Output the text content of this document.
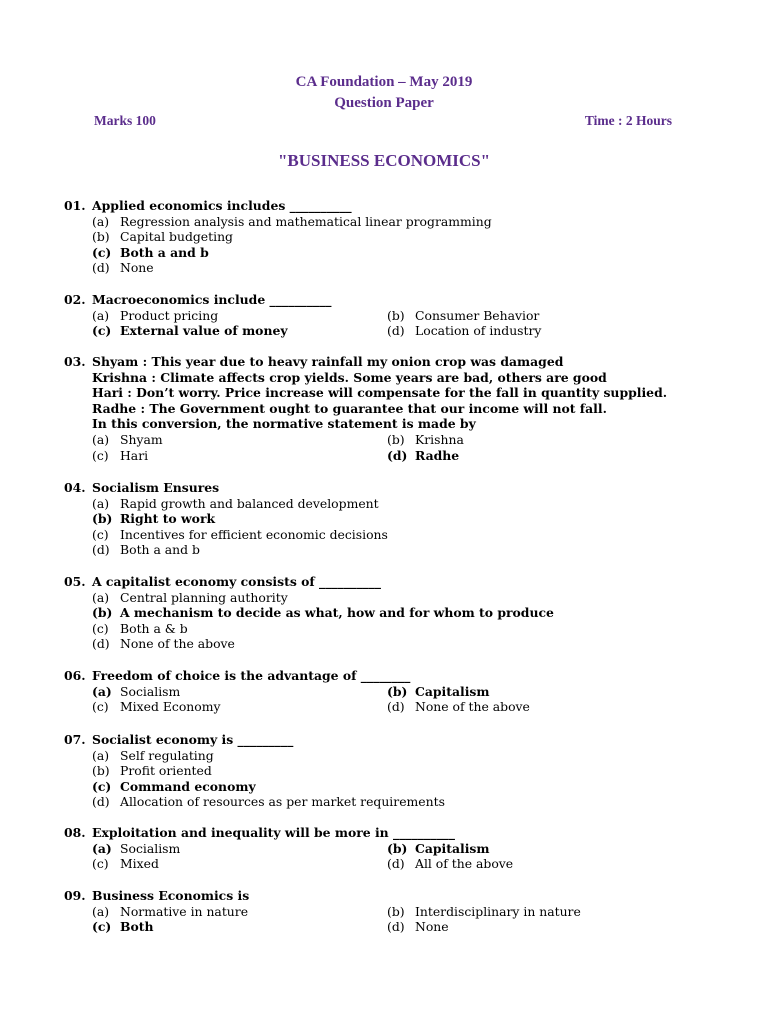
CA Foundation – May 2019
Question Paper
Marks 100	Time : 2 Hours
"BUSINESS ECONOMICS"
01. Applied economics includes __________
(a) Regression analysis and mathematical linear programming
(b) Capital budgeting
(c) Both a and b
(d) None
02. Macroeconomics include __________
(a) Product pricing	(b) Consumer Behavior
(c) External value of money	(d) Location of industry
03. Shyam : This year due to heavy rainfall my onion crop was damaged
Krishna : Climate affects crop yields. Some years are bad, others are good
Hari : Don’t worry. Price increase will compensate for the fall in quantity supplied.
Radhe : The Government ought to guarantee that our income will not fall.
In this conversion, the normative statement is made by
(a) Shyam	(b) Krishna
(c) Hari	(d) Radhe
04. Socialism Ensures
(a) Rapid growth and balanced development
(b) Right to work
(c) Incentives for efficient economic decisions
(d) Both a and b
05. A capitalist economy consists of __________
(a) Central planning authority
(b) A mechanism to decide as what, how and for whom to produce
(c) Both a & b
(d) None of the above
06. Freedom of choice is the advantage of ________
(a) Socialism	(b) Capitalism
(c) Mixed Economy	(d) None of the above
07. Socialist economy is _________
(a) Self regulating
(b) Profit oriented
(c) Command economy
(d) Allocation of resources as per market requirements
08. Exploitation and inequality will be more in __________
(a) Socialism	(b) Capitalism
(c) Mixed	(d) All of the above
09. Business Economics is
(a) Normative in nature	(b) Interdisciplinary in nature
(c) Both	(d) None
